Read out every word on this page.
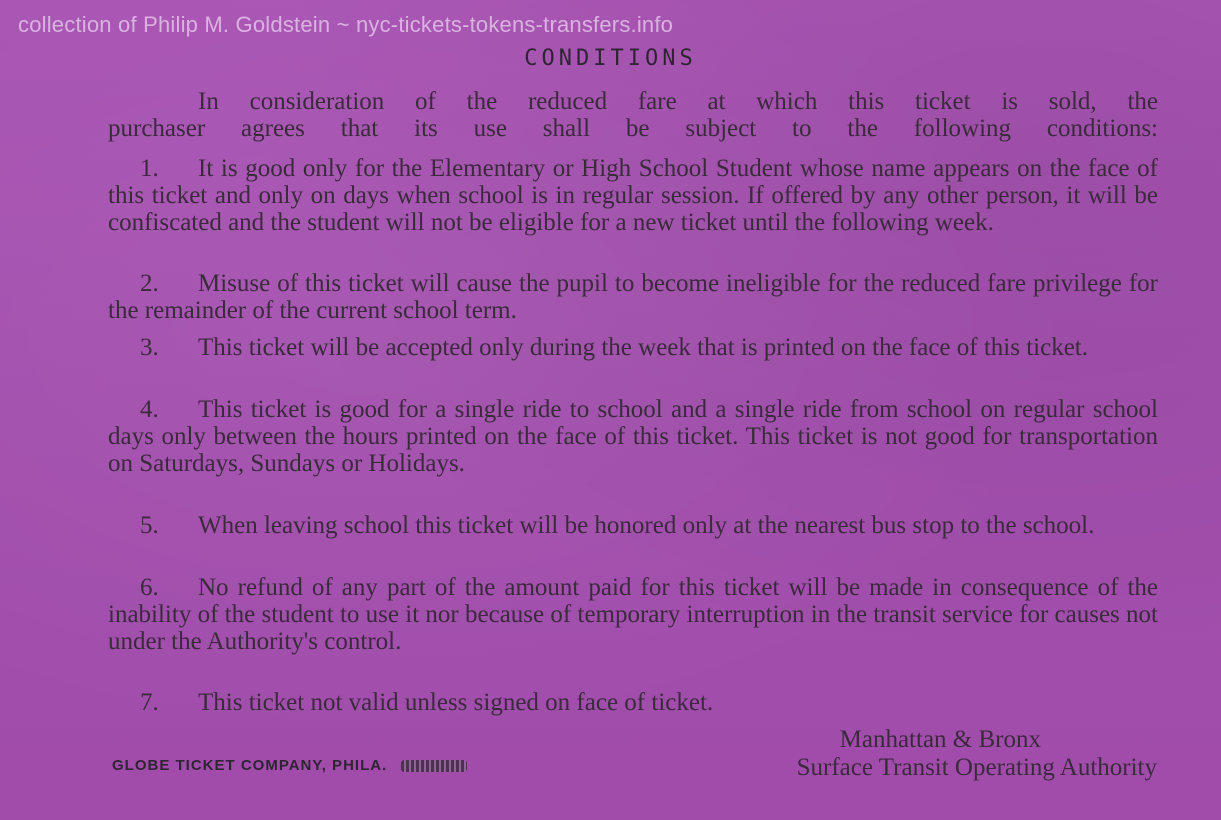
collection of Philip M. Goldstein ~ nyc-tickets-tokens-transfers.info
CONDITIONS
In consideration of the reduced fare at which this ticket is sold, the
purchaser agrees that its use shall be subject to the following conditions:
1. It is good only for the Elementary or High School Student whose name appears on the face of this ticket and only on days when school is in regular session. If offered by any other person, it will be confiscated and the student will not be eligible for a new ticket until the following week.
2. Misuse of this ticket will cause the pupil to become ineligible for the reduced fare privilege for the remainder of the current school term.
3. This ticket will be accepted only during the week that is printed on the face of this ticket.
4. This ticket is good for a single ride to school and a single ride from school on regular school days only between the hours printed on the face of this ticket. This ticket is not good for transportation on Saturdays, Sundays or Holidays.
5. When leaving school this ticket will be honored only at the nearest bus stop to the school.
6. No refund of any part of the amount paid for this ticket will be made in consequence of the inability of the student to use it nor because of temporary interruption in the transit service for causes not under the Authority's control.
7. This ticket not valid unless signed on face of ticket.
Manhattan & Bronx
Surface Transit Operating Authority
GLOBE TICKET COMPANY, PHILA.
